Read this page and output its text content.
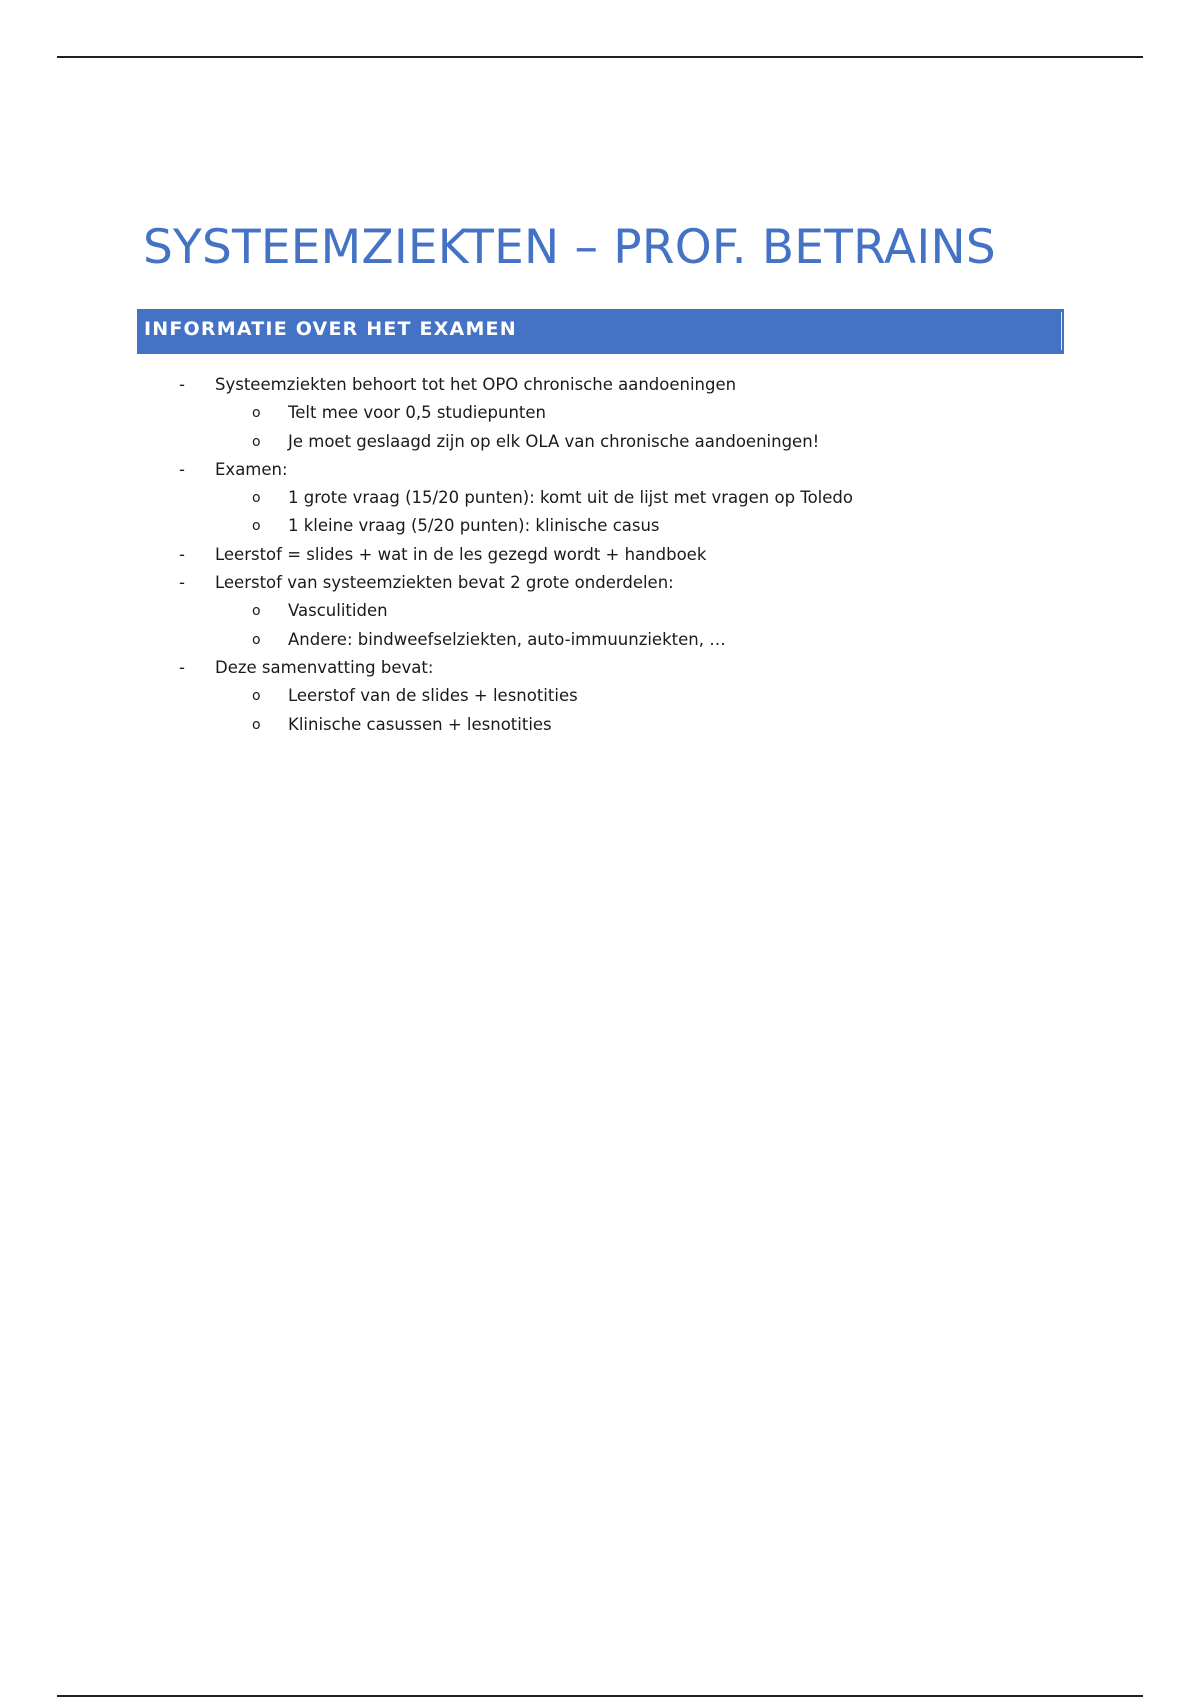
SYSTEEMZIEKTEN – PROF. BETRAINS
INFORMATIE OVER HET EXAMEN
- Systeemziekten behoort tot het OPO chronische aandoeningen
o Telt mee voor 0,5 studiepunten
o Je moet geslaagd zijn op elk OLA van chronische aandoeningen!
- Examen:
o 1 grote vraag (15/20 punten): komt uit de lijst met vragen op Toledo
o 1 kleine vraag (5/20 punten): klinische casus
- Leerstof = slides + wat in de les gezegd wordt + handboek
- Leerstof van systeemziekten bevat 2 grote onderdelen:
o Vasculitiden
o Andere: bindweefselziekten, auto-immuunziekten, …
- Deze samenvatting bevat:
o Leerstof van de slides + lesnotities
o Klinische casussen + lesnotities
